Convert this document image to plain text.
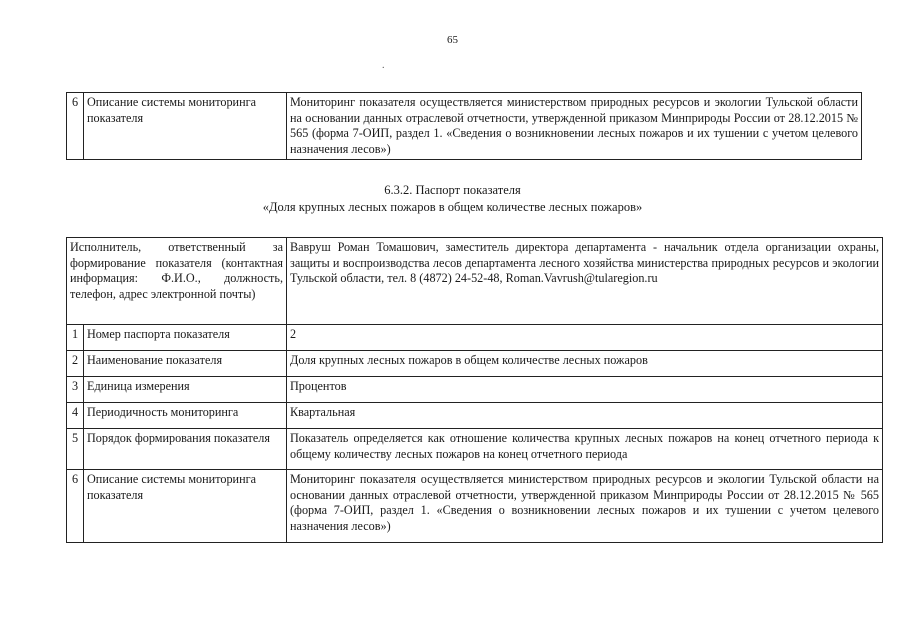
65
.
6	Описание системы мониторинга показателя	Мониторинг показателя осуществляется министерством природных ресурсов и экологии Тульской области на основании данных отраслевой отчетности, утвержденной приказом Минприроды России от 28.12.2015 № 565 (форма 7-ОИП, раздел 1. «Сведения о возникновении лесных пожаров и их тушении с учетом целевого назначения лесов»)
6.3.2. Паспорт показателя
«Доля крупных лесных пожаров в общем количестве лесных пожаров»
Исполнитель, ответственный за формирование показателя (контактная информация: Ф.И.О., должность, телефон, адрес электронной почты)		Вавруш Роман Томашович, заместитель директора департамента - начальник отдела организации охраны, защиты и воспроизводства лесов департамента лесного хозяйства министерства природных ресурсов и экологии Тульской области, тел. 8 (4872) 24-52-48, Roman.Vavrush@tularegion.ru
1	Номер паспорта показателя	2
2	Наименование показателя	Доля крупных лесных пожаров в общем количестве лесных пожаров
3	Единица измерения	Процентов
4	Периодичность мониторинга	Квартальная
5	Порядок формирования показателя	Показатель определяется как отношение количества крупных лесных пожаров на конец отчетного периода к общему количеству лесных пожаров на конец отчетного периода
6	Описание системы мониторинга показателя	Мониторинг показателя осуществляется министерством природных ресурсов и экологии Тульской области на основании данных отраслевой отчетности, утвержденной приказом Минприроды России от 28.12.2015 № 565 (форма 7-ОИП, раздел 1. «Сведения о возникновении лесных пожаров и их тушении с учетом целевого назначения лесов»)
